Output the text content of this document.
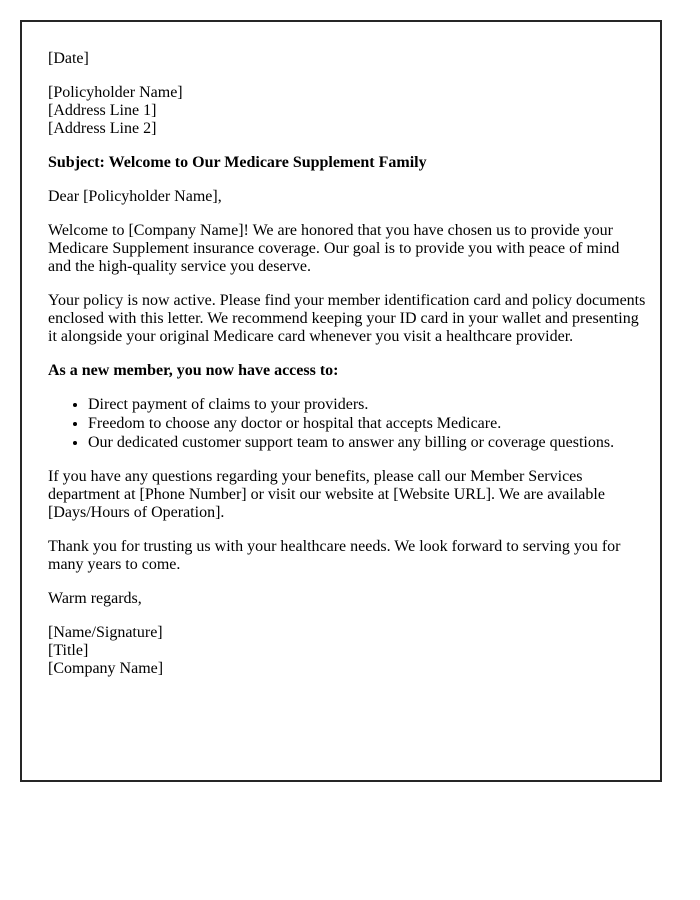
[Date]

[Policyholder Name]
[Address Line 1]
[Address Line 2]

Subject: Welcome to Our Medicare Supplement Family

Dear [Policyholder Name],

Welcome to [Company Name]! We are honored that you have chosen us to provide your Medicare Supplement insurance coverage. Our goal is to provide you with peace of mind and the high-quality service you deserve.

Your policy is now active. Please find your member identification card and policy documents enclosed with this letter. We recommend keeping your ID card in your wallet and presenting it alongside your original Medicare card whenever you visit a healthcare provider.

As a new member, you now have access to:

• Direct payment of claims to your providers.
• Freedom to choose any doctor or hospital that accepts Medicare.
• Our dedicated customer support team to answer any billing or coverage questions.

If you have any questions regarding your benefits, please call our Member Services department at [Phone Number] or visit our website at [Website URL]. We are available [Days/Hours of Operation].

Thank you for trusting us with your healthcare needs. We look forward to serving you for many years to come.

Warm regards,

[Name/Signature]
[Title]
[Company Name]
